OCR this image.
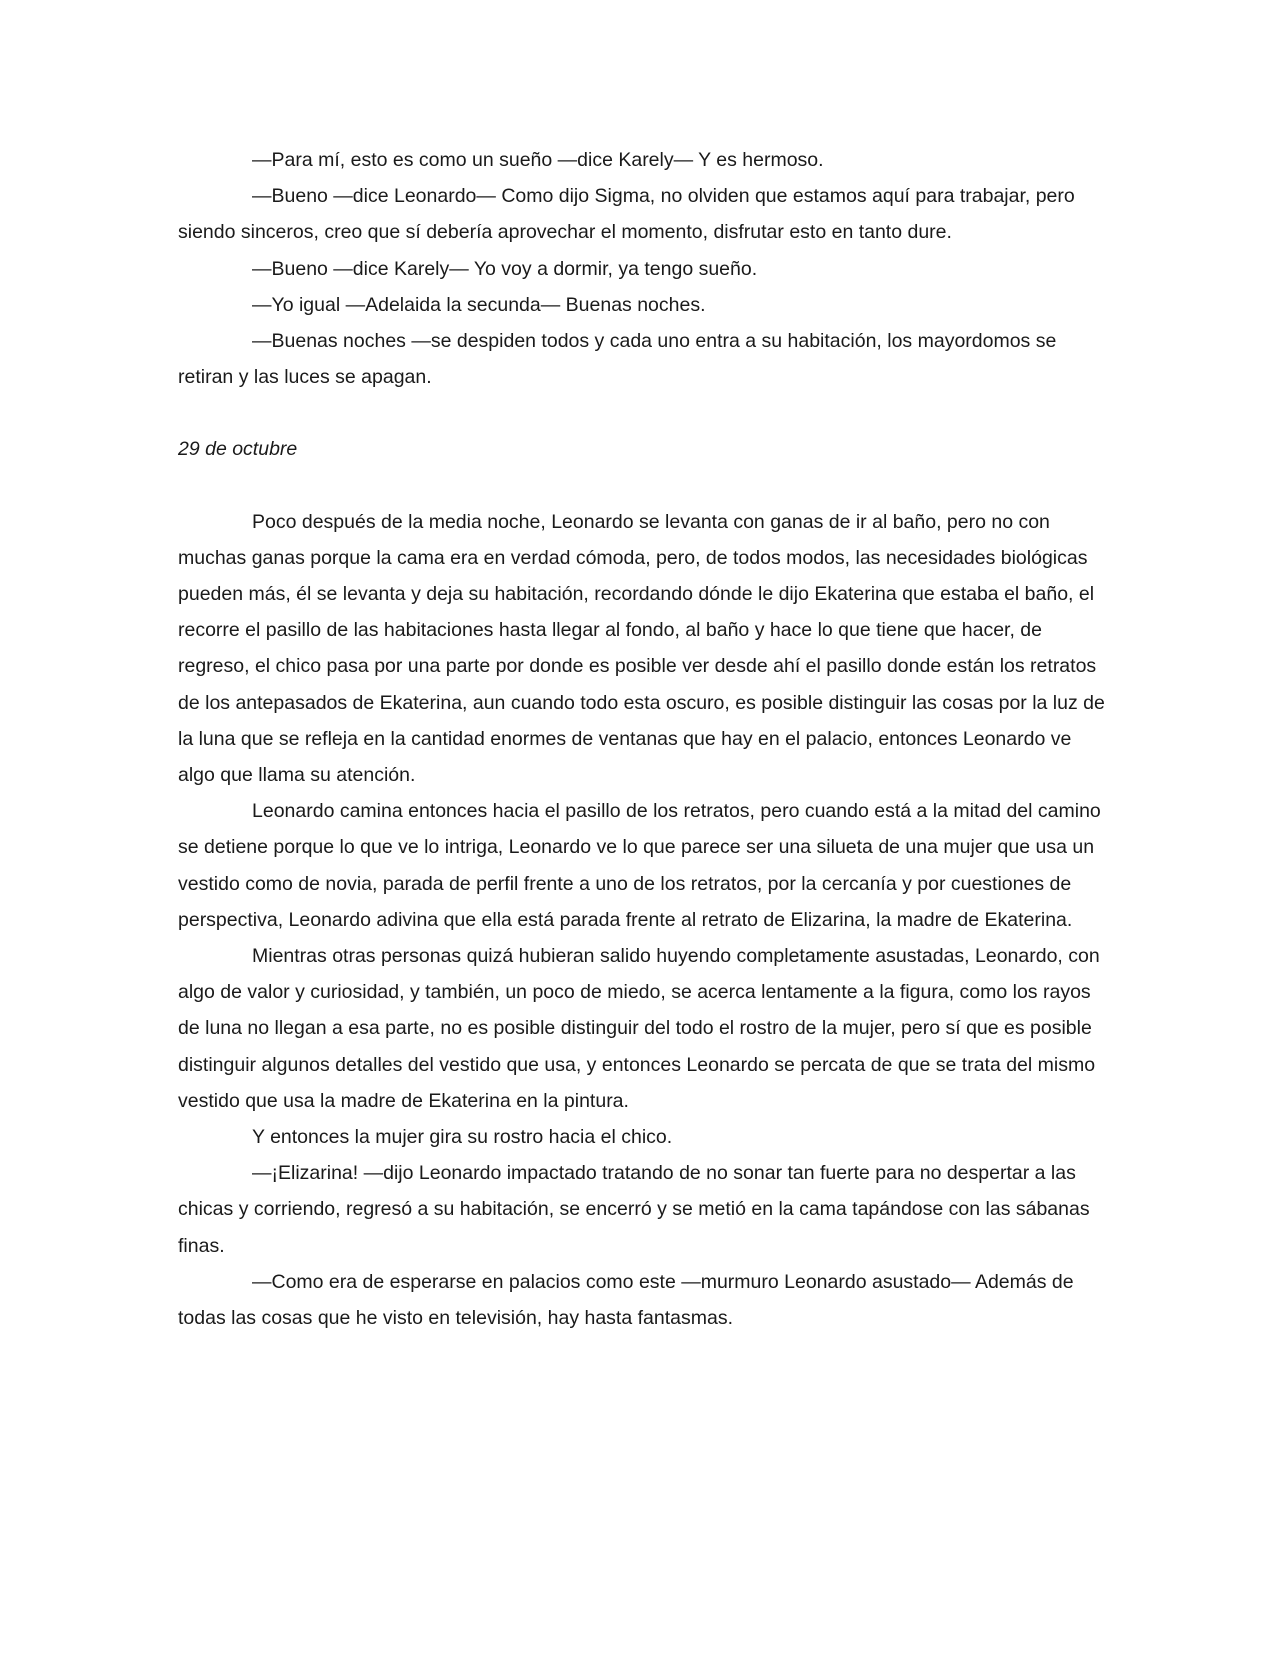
—Para mí, esto es como un sueño —dice Karely— Y es hermoso.

—Bueno —dice Leonardo— Como dijo Sigma, no olviden que estamos aquí para trabajar, pero siendo sinceros, creo que sí debería aprovechar el momento, disfrutar esto en tanto dure.

—Bueno —dice Karely— Yo voy a dormir, ya tengo sueño.

—Yo igual —Adelaida la secunda— Buenas noches.

—Buenas noches —se despiden todos y cada uno entra a su habitación, los mayordomos se retiran y las luces se apagan.

29 de octubre

Poco después de la media noche, Leonardo se levanta con ganas de ir al baño, pero no con muchas ganas porque la cama era en verdad cómoda, pero, de todos modos, las necesidades biológicas pueden más, él se levanta y deja su habitación, recordando dónde le dijo Ekaterina que estaba el baño, el recorre el pasillo de las habitaciones hasta llegar al fondo, al baño y hace lo que tiene que hacer, de regreso, el chico pasa por una parte por donde es posible ver desde ahí el pasillo donde están los retratos de los antepasados de Ekaterina, aun cuando todo esta oscuro, es posible distinguir las cosas por la luz de la luna que se refleja en la cantidad enormes de ventanas que hay en el palacio, entonces Leonardo ve algo que llama su atención.

Leonardo camina entonces hacia el pasillo de los retratos, pero cuando está a la mitad del camino se detiene porque lo que ve lo intriga, Leonardo ve lo que parece ser una silueta de una mujer que usa un vestido como de novia, parada de perfil frente a uno de los retratos, por la cercanía y por cuestiones de perspectiva, Leonardo adivina que ella está parada frente al retrato de Elizarina, la madre de Ekaterina.

Mientras otras personas quizá hubieran salido huyendo completamente asustadas, Leonardo, con algo de valor y curiosidad, y también, un poco de miedo, se acerca lentamente a la figura, como los rayos de luna no llegan a esa parte, no es posible distinguir del todo el rostro de la mujer, pero sí que es posible distinguir algunos detalles del vestido que usa, y entonces Leonardo se percata de que se trata del mismo vestido que usa la madre de Ekaterina en la pintura.

Y entonces la mujer gira su rostro hacia el chico.

—¡Elizarina! —dijo Leonardo impactado tratando de no sonar tan fuerte para no despertar a las chicas y corriendo, regresó a su habitación, se encerró y se metió en la cama tapándose con las sábanas finas.

—Como era de esperarse en palacios como este —murmuro Leonardo asustado— Además de todas las cosas que he visto en televisión, hay hasta fantasmas.
